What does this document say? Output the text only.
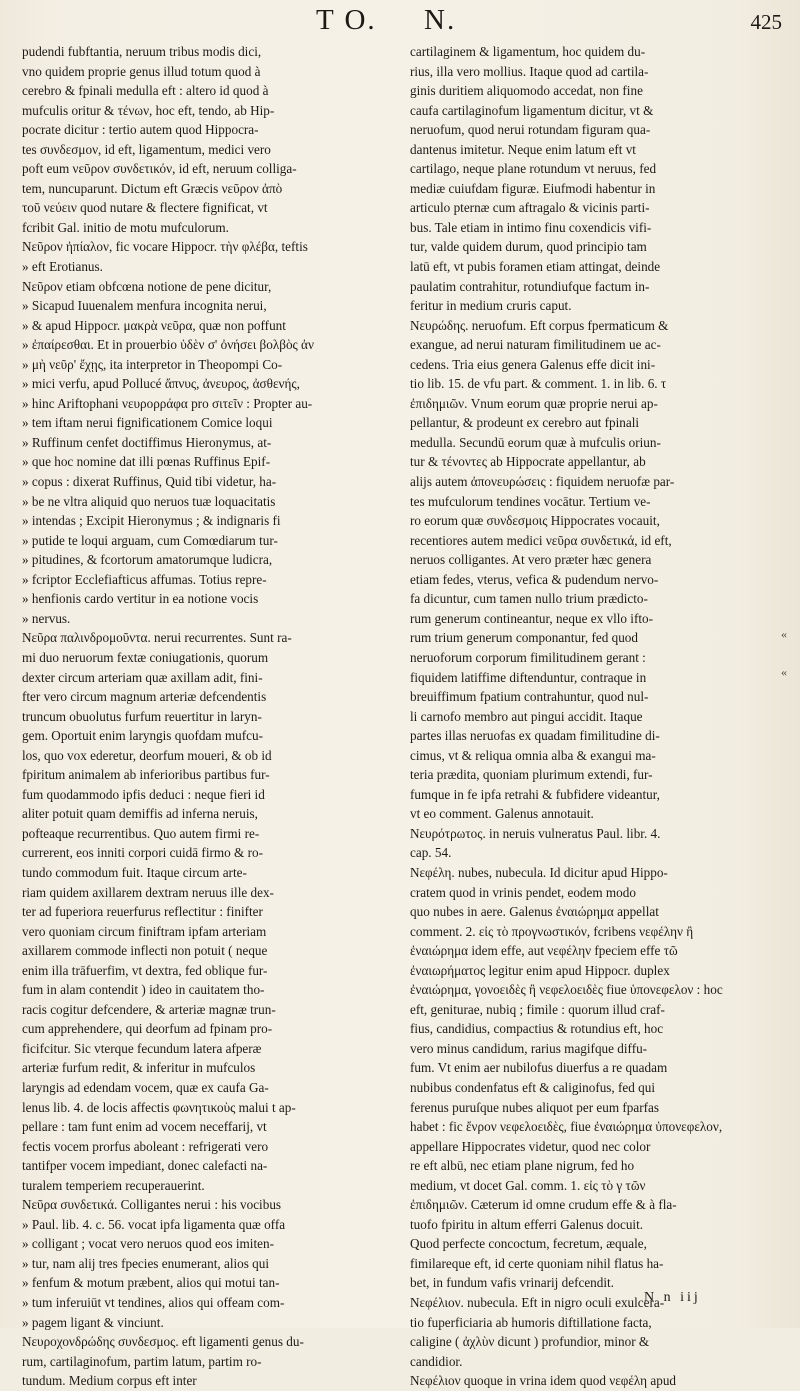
T O. N.	425
pudendi fubftantia, neruum tribus modis dici,
vno quidem proprie genus illud totum quod à
cerebro & fpinali medulla eft : altero id quod à
mufculis oritur & τένων, hoc eft, tendo, ab Hip-
pocrate dicitur : tertio autem quod Hippocra-
tes συνδεσμον, id eft, ligamentum, medici vero
poft eum νεῦρον συνδετικόν, id eft, neruum colliga-
tem, nuncuparunt. Dictum eft Græcis νεῦρον ἀπὸ
τοῦ νεύειν quod nutare & flectere fignificat, vt
fcribit Gal. initio de motu mufculorum.
Νεῦρον ἠπίαλον, fic vocare Hippocr. τὴν φλέβα, teftis
» eft Erotianus.
Νεῦρον etiam obfcœna notione de pene dicitur,
» Sicapud Iuuenalem menfura incognita nerui,
» & apud Hippocr. μακρὰ νεῦρα, quæ non poffunt
» ἐπαίρεσθαι. Et in prouerbio ὑδὲν σ' ὀνήσει βολβὸς ἀν
» μὴ νεῦρ' ἔχῃς, ita interpretor in Theopompi Co-
» mici verfu, apud Pollucé ἄπνυς, ἀνευρος, ἀσθενής,
» hinc Ariftophani νευρορράφα pro σιτεῖν : Propter au-
» tem iftam nerui fignificationem Comice loqui
» Ruffinum cenfet doctiffimus Hieronymus, at-
» que hoc nomine dat illi pœnas Ruffinus Epif-
» copus : dixerat Ruffinus, Quid tibi videtur, ha-
» be ne vltra aliquid quo neruos tuæ loquacitatis
» intendas ; Excipit Hieronymus ; & indignaris fi
» putide te loqui arguam, cum Comœdiarum tur-
» pitudines, & fcortorum amatorumque ludicra,
» fcriptor Ecclefiafticus affumas. Totius repre-
» henfionis cardo vertitur in ea notione vocis
» nervus.
Νεῦρα παλινδρομοῦντα. nerui recurrentes. Sunt ra-
mi duo neruorum fextæ coniugationis, quorum
dexter circum arteriam quæ axillam adit, fini-
fter vero circum magnum arteriæ defcendentis
truncum obuolutus furfum reuertitur in laryn-
gem. Oportuit enim laryngis quofdam mufcu-
los, quo vox ederetur, deorfum moueri, & ob id
fpiritum animalem ab inferioribus partibus fur-
fum quodammodo ipfis deduci : neque fieri id
aliter potuit quam demiffis ad inferna neruis,
pofteaque recurrentibus. Quo autem firmi re-
currerent, eos inniti corpori cuidā firmo & ro-
tundo commodum fuit. Itaque circum arte-
riam quidem axillarem dextram neruus ille dex-
ter ad fuperiora reuerfurus reflectitur : finifter
vero quoniam circum finiftram ipfam arteriam
axillarem commode inflecti non potuit ( neque
enim illa trāfuerfim, vt dextra, fed oblique fur-
fum in alam contendit ) ideo in cauitatem tho-
racis cogitur defcendere, & arteriæ magnæ trun-
cum apprehendere, qui deorfum ad fpinam pro-
ficifcitur. Sic vterque fecundum latera afperæ
arteriæ furfum redit, & inferitur in mufculos
laryngis ad edendam vocem, quæ ex caufa Ga-
lenus lib. 4. de locis affectis φωνητικοὺς malui t ap-
pellare : tam funt enim ad vocem neceffarij, vt
fectis vocem prorfus aboleant : refrigerati vero
tantifper vocem impediant, donec calefacti na-
turalem temperiem recuperauerint.
Νεῦρα συνδετικά. Colligantes nerui : his vocibus
» Paul. lib. 4. c. 56. vocat ipfa ligamenta quæ offa
» colligant ; vocat vero neruos quod eos imiten-
» tur, nam alij tres fpecies enumerant, alios qui
» fenfum & motum præbent, alios qui motui tan-
» tum inferuiūt vt tendines, alios qui offeam com-
» pagem ligant & vinciunt.
Νευροχονδρώδης συνδεσμος. eft ligamenti genus du-
rum, cartilaginofum, partim latum, partim ro-
tundum. Medium corpus eft inter
cartilaginem & ligamentum, hoc quidem du-
rius, illa vero mollius. Itaque quod ad cartila-
ginis duritiem aliquomodo accedat, non fine
caufa cartilaginofum ligamentum dicitur, vt &
neruofum, quod nerui rotundam figuram qua-
dantenus imitetur. Neque enim latum eft vt
cartilago, neque plane rotundum vt neruus, fed
mediæ cuiufdam figuræ. Eiufmodi habentur in
articulo pternæ cum aftragalo & vicinis parti-
bus. Tale etiam in intimo finu coxendicis vifi-
tur, valde quidem durum, quod principio tam
latū eft, vt pubis foramen etiam attingat, deinde
paulatim contrahitur, rotundiufque factum in-
feritur in medium cruris caput.
Νευρώδης. neruofum. Eft corpus fpermaticum &
exangue, ad nerui naturam fimilitudinem ue ac-
cedens. Tria eius genera Galenus effe dicit ini-
tio lib. 15. de vfu part. & comment. 1. in lib. 6. τ
ἐπιδημιῶν. Vnum eorum quæ proprie nerui ap-
pellantur, & prodeunt ex cerebro aut fpinali
medulla. Secundū eorum quæ à mufculis oriun-
tur & τένοντες ab Hippocrate appellantur, ab
alijs autem ἀπονευρώσεις : fiquidem neruofæ par-
tes mufculorum tendines vocātur. Tertium ve-
ro eorum quæ συνδεσμοις Hippocrates vocauit,
recentiores autem medici νεῦρα συνδετικά, id eft,
neruos colligantes. At vero præter hæc genera
etiam fedes, vterus, vefica & pudendum nervo-
fa dicuntur, cum tamen nullo trium prædicto-
rum generum contineantur, neque ex vllo ifto-
rum trium generum componantur, fed quod
neruoforum corporum fimilitudinem gerant :
fiquidem latiffime diftenduntur, contraque in
breuiffimum fpatium contrahuntur, quod nul-
li carnofo membro aut pingui accidit. Itaque
partes illas neruofas ex quadam fimilitudine di-
cimus, vt & reliqua omnia alba & exangui ma-
teria prædita, quoniam plurimum extendi, fur-
fumque in fe ipfa retrahi & fubfidere videantur,
vt eo comment. Galenus annotauit.
Νευρότρωτος. in neruis vulneratus Paul. libr. 4.
cap. 54.
Νεφέλη. nubes, nubecula. Id dicitur apud Hippo-
cratem quod in vrinis pendet, eodem modo
quo nubes in aere. Galenus ἐναιώρημα appellat
comment. 2. εἰς τὸ προγνωστικόν, fcribens νεφέλην ἢ
ἐναιώρημα idem effe, aut νεφέλην fpeciem effe τῶ
ἐναιωρήματος legitur enim apud Hippocr. duplex
ἐναιώρημα, γονοειδὲς ἢ νεφελοειδὲς fiue ὑπονεφελον : hoc
eft, geniturae, nubiq ; fimile : quorum illud craf-
fius, candidius, compactius & rotundius eft, hoc
vero minus candidum, rarius magifque diffu-
fum. Vt enim aer nubilofus diuerfus a re quadam
nubibus condenfatus eft & caliginofus, fed qui
ferenus puruſque nubes aliquot per eum fparfas
habet : fic ἔνρον νεφελοειδὲς, fiue ἐναιώρημα ὑπονεφελον,
appellare Hippocrates videtur, quod nec color
re eft albū, nec etiam plane nigrum, fed ho
medium, vt docet Gal. comm. 1. εἰς τὸ γ τῶν
ἐπιδημιῶν. Cæterum id omne crudum effe & à fla-
tuofo fpiritu in altum efferri Galenus docuit.
Quod perfecte concoctum, fecretum, æquale,
fimilareque eft, id certe quoniam nihil flatus ha-
bet, in fundum vafis vrinarij defcendit.
Νεφέλιον. nubecula. Eft in nigro oculi exulcera-
tio fuperficiaria ab humoris diftillatione facta,
caligine ( ἀχλὺν dicunt ) profundior, minor &
candidior.
Νεφέλιον quoque in vrina idem quod νεφέλη apud
«
«
N n iij
